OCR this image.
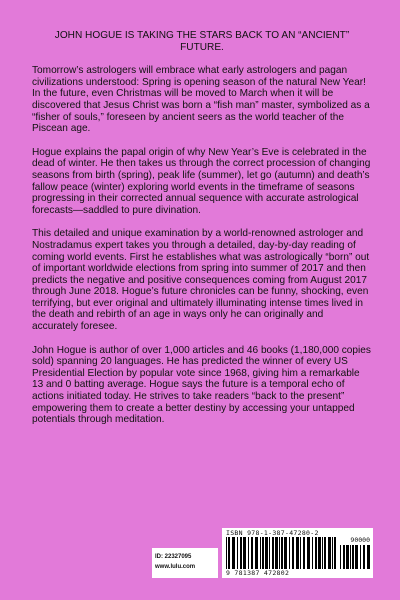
JOHN HOGUE IS TAKING THE STARS BACK TO AN “ANCIENT” FUTURE.

Tomorrow’s astrologers will embrace what early astrologers and pagan civilizations understood: Spring is opening season of the natural New Year! In the future, even Christmas will be moved to March when it will be discovered that Jesus Christ was born a “fish man” master, symbolized as a “fisher of souls,” foreseen by ancient seers as the world teacher of the Piscean age.

Hogue explains the papal origin of why New Year’s Eve is celebrated in the dead of winter. He then takes us through the correct procession of changing seasons from birth (spring), peak life (summer), let go (autumn) and death’s fallow peace (winter) exploring world events in the timeframe of seasons progressing in their corrected annual sequence with accurate astrological forecasts—saddled to pure divination.

This detailed and unique examination by a world-renowned astrologer and Nostradamus expert takes you through a detailed, day-by-day reading of coming world events. First he establishes what was astrologically “born” out of important worldwide elections from spring into summer of 2017 and then predicts the negative and positive consequences coming from August 2017 through June 2018. Hogue’s future chronicles can be funny, shocking, even terrifying, but ever original and ultimately illuminating intense times lived in the death and rebirth of an age in ways only he can originally and accurately foresee.

John Hogue is author of over 1,000 articles and 46 books (1,180,000 copies sold) spanning 20 languages. He has predicted the winner of every US Presidential Election by popular vote since 1968, giving him a remarkable 13 and 0 batting average. Hogue says the future is a temporal echo of actions initiated today. He strives to take readers “back to the present” empowering them to create a better destiny by accessing your untapped potentials through meditation.

ID: 22327095
www.lulu.com
ISBN 978-1-387-47280-2
9 781387 472802
90000
